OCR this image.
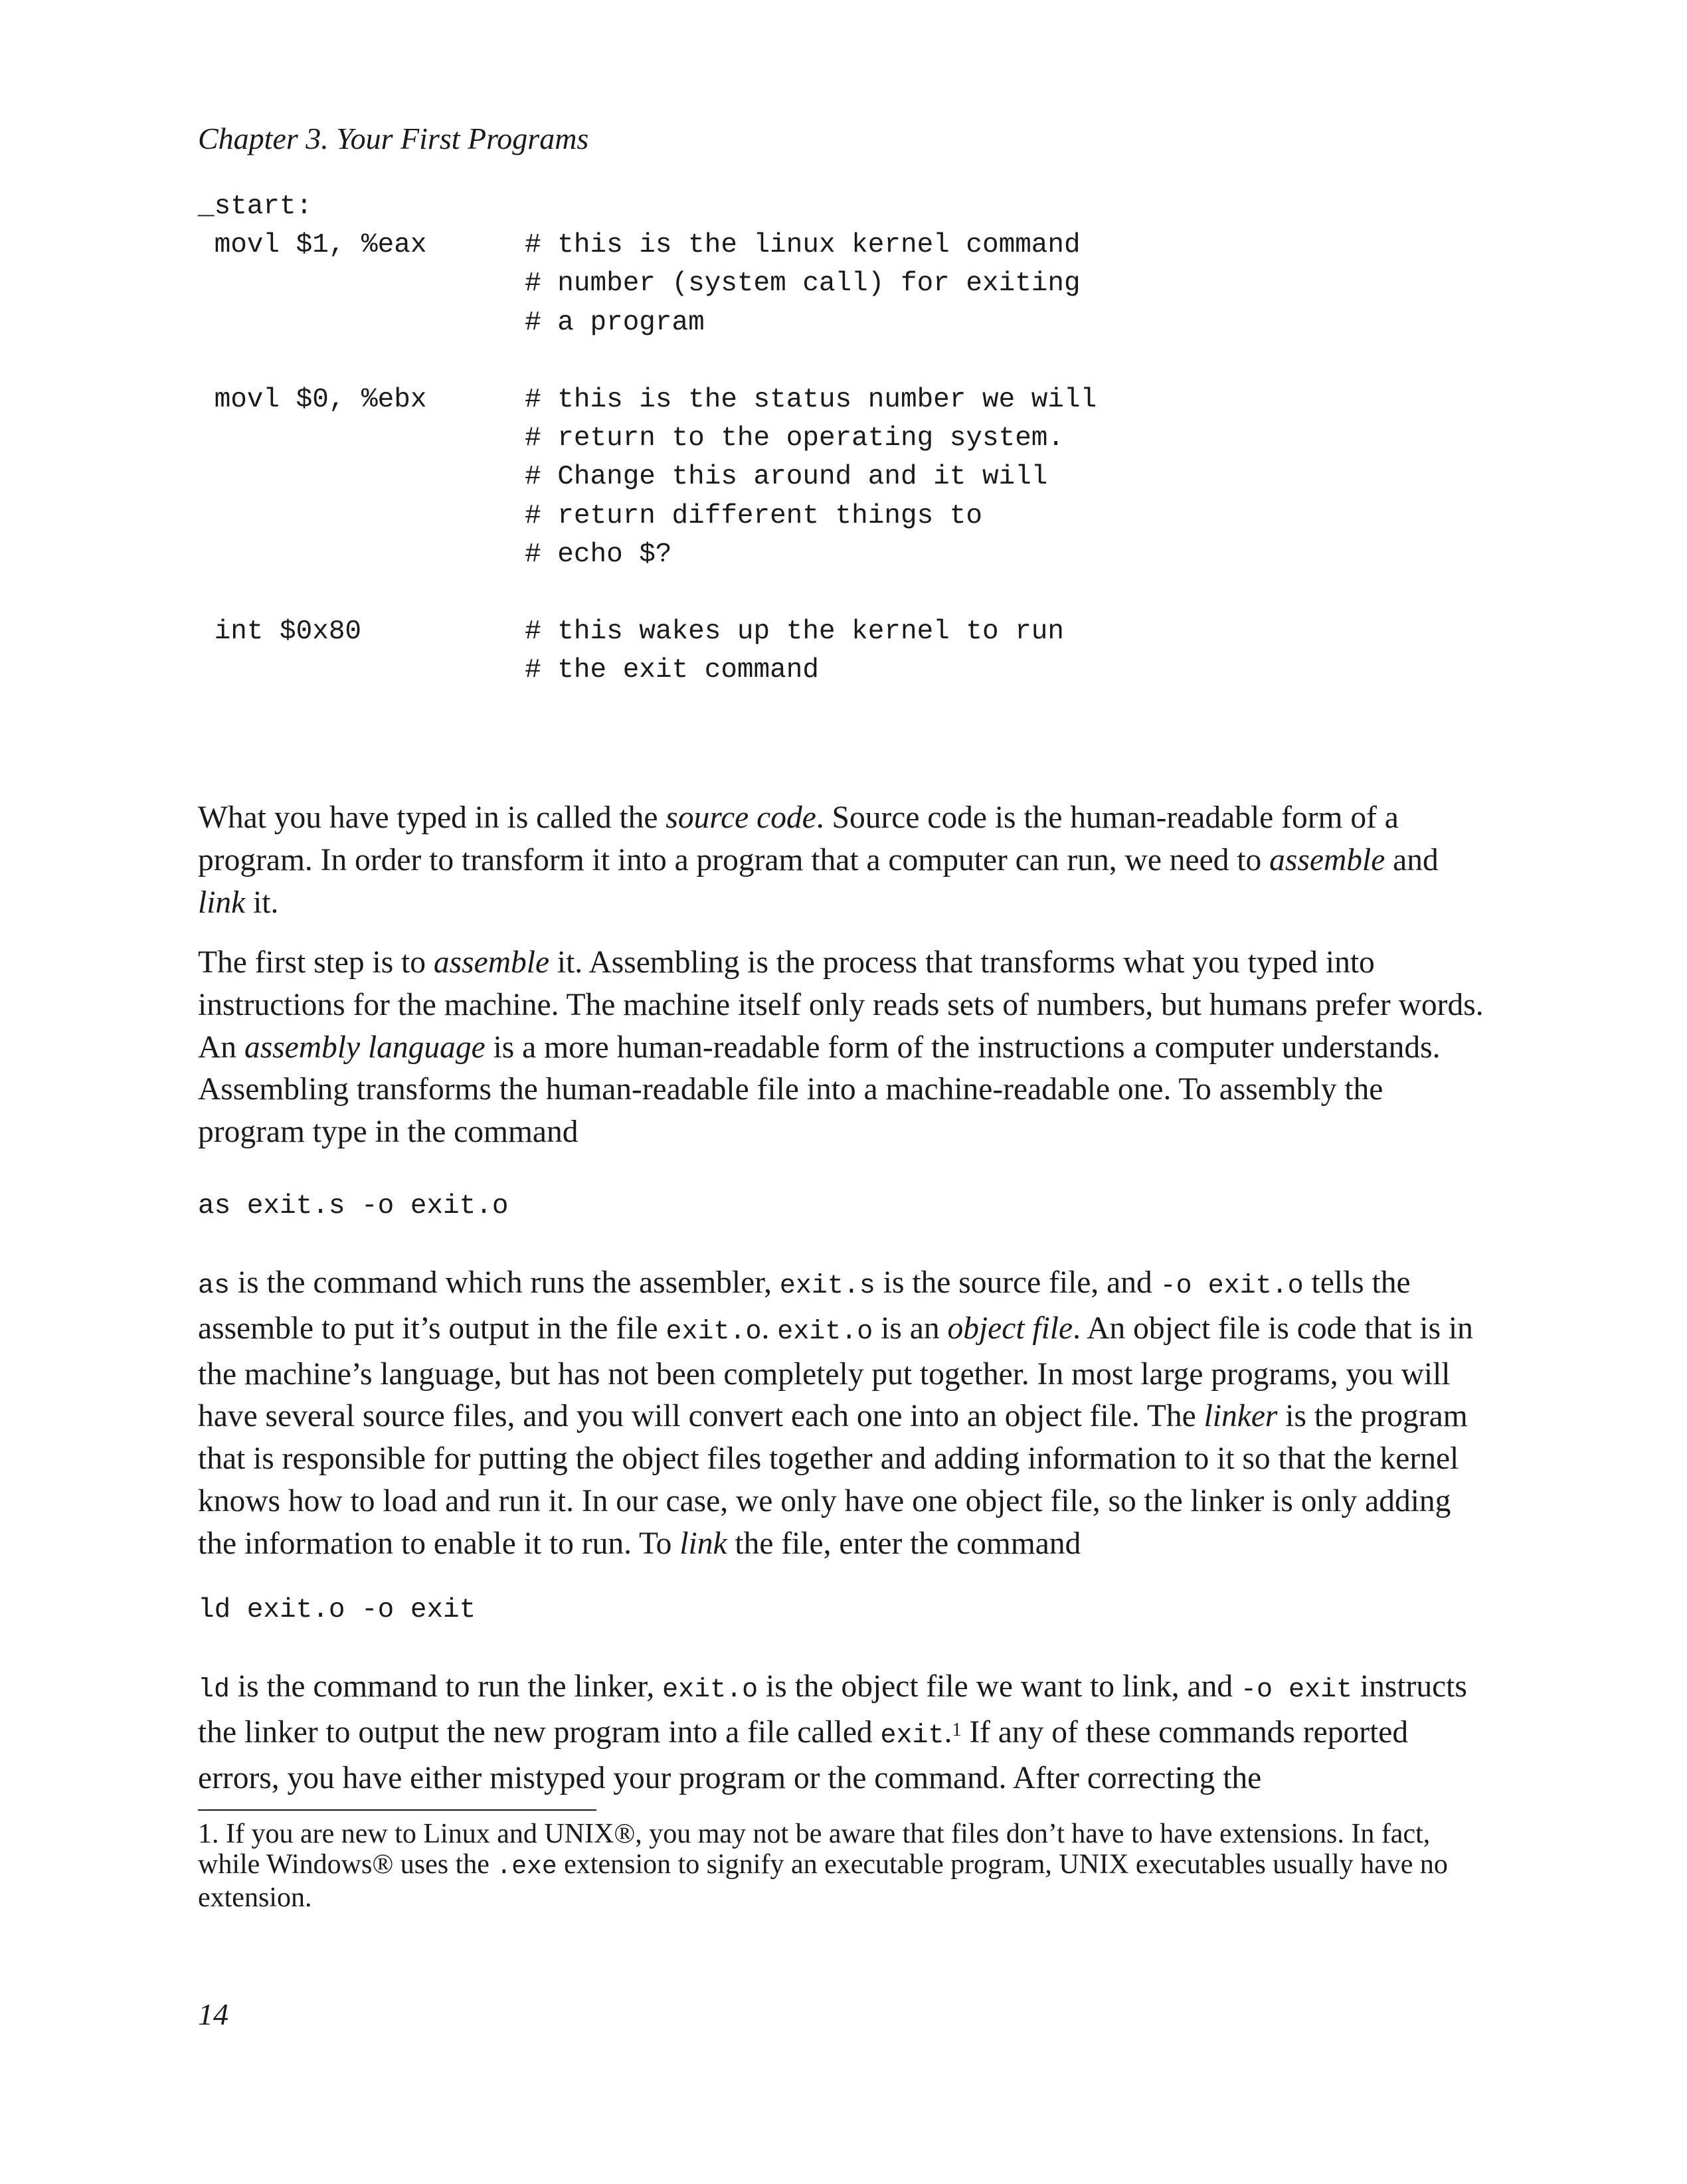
Chapter 3. Your First Programs
_start:
movl $1, %eax      # this is the linux kernel command
# number (system call) for exiting
# a program

movl $0, %ebx      # this is the status number we will
# return to the operating system.
# Change this around and it will
# return different things to
# echo $?

int $0x80          # this wakes up the kernel to run
# the exit command

What you have typed in is called the source code. Source code is the human-readable form of a program. In order to transform it into a program that a computer can run, we need to assemble and link it.

The first step is to assemble it. Assembling is the process that transforms what you typed into instructions for the machine. The machine itself only reads sets of numbers, but humans prefer words. An assembly language is a more human-readable form of the instructions a computer understands. Assembling transforms the human-readable file into a machine-readable one. To assembly the program type in the command

as exit.s -o exit.o

as is the command which runs the assembler, exit.s is the source file, and -o exit.o tells the assemble to put it’s output in the file exit.o. exit.o is an object file. An object file is code that is in the machine’s language, but has not been completely put together. In most large programs, you will have several source files, and you will convert each one into an object file. The linker is the program that is responsible for putting the object files together and adding information to it so that the kernel knows how to load and run it. In our case, we only have one object file, so the linker is only adding the information to enable it to run. To link the file, enter the command

ld exit.o -o exit

ld is the command to run the linker, exit.o is the object file we want to link, and -o exit instructs the linker to output the new program into a file called exit.$^1$ If any of these commands reported errors, you have either mistyped your program or the command. After correcting the

1. If you are new to Linux and UNIX®, you may not be aware that files don’t have to have extensions. In fact, while Windows® uses the .exe extension to signify an executable program, UNIX executables usually have no extension.

14
